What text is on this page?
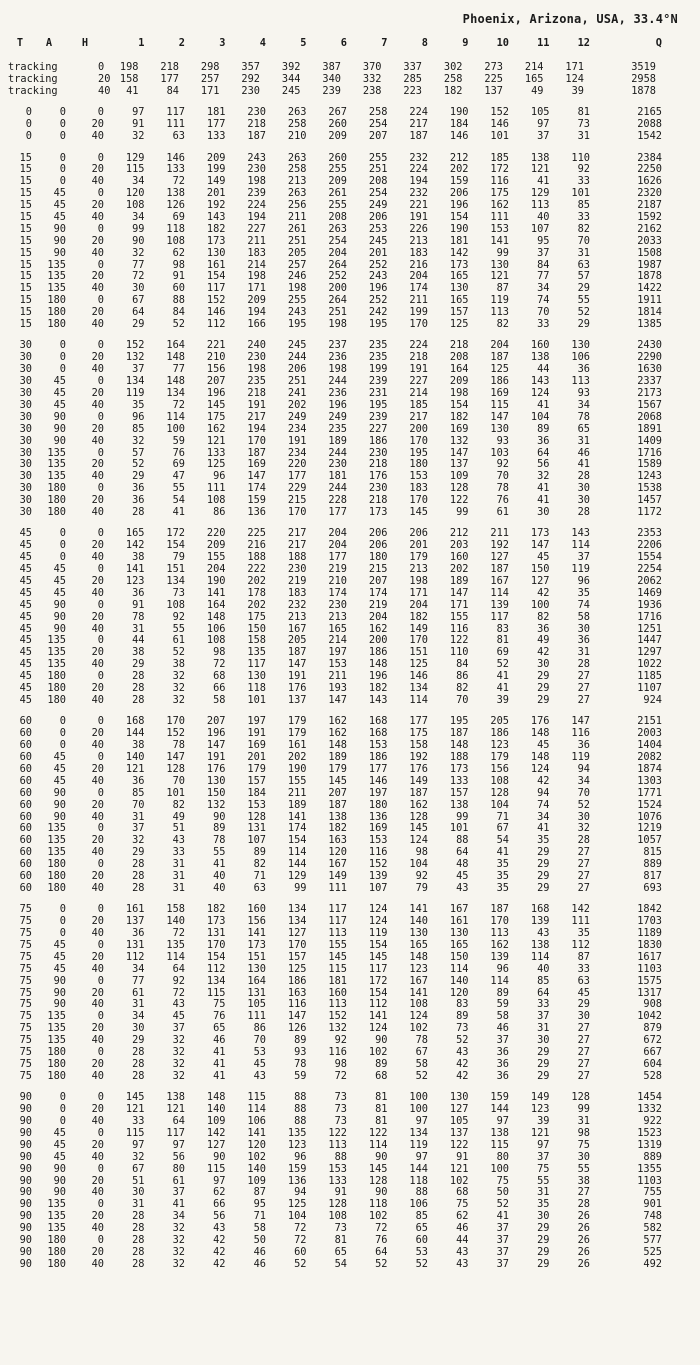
Phoenix, Arizona, USA, 33.4°N
T	A	H	1	2	3	4	5	6	7	8	9	10	11	12	Q
tracking	0	198	218	298	357	392	387	370	337	302	273	214	171	3519
tracking	20 158	177	257	292	344	340	332	285	258	225	165	124	2958
tracking	40	41	84	171	230	245	239	238	223	182	137	49	39	1878
0	0	0	97	117	181	230	263	267	258	224	190	152	105	81	2165
0	0	20	91	111	177	218	258	260	254	217	184	146	97	73	2088
0	0	40	32	63	133	187	210	209	207	187	146	101	37	31	1542
15	0	0	129	146	209	243	263	260	255	232	212	185	138	110	2384
15	0	20	115	133	199	230	258	255	251	224	202	172	121	92	2250
15	0	40	34	72	149	198	213	209	208	194	159	116	41	33	1626
15	45	0	120	138	201	239	263	261	254	232	206	175	129	101	2320
15	45	20	108	126	192	224	256	255	249	221	196	162	113	85	2187
15	45	40	34	69	143	194	211	208	206	191	154	111	40	33	1592
15	90	0	99	118	182	227	261	263	253	226	190	153	107	82	2162
15	90	20	90	108	173	211	251	254	245	213	181	141	95	70	2033
15	90	40	32	62	130	183	205	204	201	183	142	99	37	31	1508
15	135	0	77	98	161	214	257	264	252	216	173	130	84	63	1987
15	135	20	72	91	154	198	246	252	243	204	165	121	77	57	1878
15	135	40	30	60	117	171	198	200	196	174	130	87	34	29	1422
15	180	0	67	88	152	209	255	264	252	211	165	119	74	55	1911
15	180	20	64	84	146	194	243	251	242	199	157	113	70	52	1814
15	180	40	29	52	112	166	195	198	195	170	125	82	33	29	1385
30	0	0	152	164	221	240	245	237	235	224	218	204	160	130	2430
30	0	20	132	148	210	230	244	236	235	218	208	187	138	106	2290
30	0	40	37	77	156	198	206	198	199	191	164	125	44	36	1630
30	45	0	134	148	207	235	251	244	239	227	209	186	143	113	2337
30	45	20	119	134	196	218	241	236	231	214	198	169	124	93	2173
30	45	40	35	72	145	191	202	196	195	185	154	115	41	34	1567
30	90	0	96	114	175	217	249	249	239	217	182	147	104	78	2068
30	90	20	85	100	162	194	234	235	227	200	169	130	89	65	1891
30	90	40	32	59	121	170	191	189	186	170	132	93	36	31	1409
30	135	0	57	76	133	187	234	244	230	195	147	103	64	46	1716
30	135	20	52	69	125	169	220	230	218	180	137	92	56	41	1589
30	135	40	29	47	96	147	177	181	176	153	109	70	32	28	1243
30	180	0	36	55	111	174	229	244	230	183	128	78	41	30	1538
30	180	20	36	54	108	159	215	228	218	170	122	76	41	30	1457
30	180	40	28	41	86	136	170	177	173	145	99	61	30	28	1172
45	0	0	165	172	220	225	217	204	206	206	212	211	173	143	2353
45	0	20	142	154	209	216	217	204	206	201	203	192	147	114	2206
45	0	40	38	79	155	188	188	177	180	179	160	127	45	37	1554
45	45	0	141	151	204	222	230	219	215	213	202	187	150	119	2254
45	45	20	123	134	190	202	219	210	207	198	189	167	127	96	2062
45	45	40	36	73	141	178	183	174	174	171	147	114	42	35	1469
45	90	0	91	108	164	202	232	230	219	204	171	139	100	74	1936
45	90	20	78	92	148	175	213	213	204	182	155	117	82	58	1716
45	90	40	31	55	106	150	167	165	162	149	116	83	36	30	1251
45	135	0	44	61	108	158	205	214	200	170	122	81	49	36	1447
45	135	20	38	52	98	135	187	197	186	151	110	69	42	31	1297
45	135	40	29	38	72	117	147	153	148	125	84	52	30	28	1022
45	180	0	28	32	68	130	191	211	196	146	86	41	29	27	1185
45	180	20	28	32	66	118	176	193	182	134	82	41	29	27	1107
45	180	40	28	32	58	101	137	147	143	114	70	39	29	27	924
60	0	0	168	170	207	197	179	162	168	177	195	205	176	147	2151
60	0	20	144	152	196	191	179	162	168	175	187	186	148	116	2003
60	0	40	38	78	147	169	161	148	153	158	148	123	45	36	1404
60	45	0	140	147	191	201	202	189	186	192	188	179	148	119	2082
60	45	20	121	128	176	179	190	179	177	176	173	156	124	94	1874
60	45	40	36	70	130	157	155	145	146	149	133	108	42	34	1303
60	90	0	85	101	150	184	211	207	197	187	157	128	94	70	1771
60	90	20	70	82	132	153	189	187	180	162	138	104	74	52	1524
60	90	40	31	49	90	128	141	138	136	128	99	71	34	30	1076
60	135	0	37	51	89	131	174	182	169	145	101	67	41	32	1219
60	135	20	32	43	78	107	154	163	153	124	88	54	35	28	1057
60	135	40	29	33	55	89	114	120	116	98	64	41	29	27	815
60	180	0	28	31	41	82	144	167	152	104	48	35	29	27	889
60	180	20	28	31	40	71	129	149	139	92	45	35	29	27	817
60	180	40	28	31	40	63	99	111	107	79	43	35	29	27	693
75	0	0	161	158	182	160	134	117	124	141	167	187	168	142	1842
75	0	20	137	140	173	156	134	117	124	140	161	170	139	111	1703
75	0	40	36	72	131	141	127	113	119	130	130	113	43	35	1189
75	45	0	131	135	170	173	170	155	154	165	165	162	138	112	1830
75	45	20	112	114	154	151	157	145	145	148	150	139	114	87	1617
75	45	40	34	64	112	130	125	115	117	123	114	96	40	33	1103
75	90	0	77	92	134	164	186	181	172	167	140	114	85	63	1575
75	90	20	61	72	115	131	163	160	154	141	120	89	64	45	1317
75	90	40	31	43	75	105	116	113	112	108	83	59	33	29	908
75	135	0	34	45	76	111	147	152	141	124	89	58	37	30	1042
75	135	20	30	37	65	86	126	132	124	102	73	46	31	27	879
75	135	40	29	32	46	70	89	92	90	78	52	37	30	27	672
75	180	0	28	32	41	53	93	116	102	67	43	36	29	27	667
75	180	20	28	32	41	45	78	98	89	58	42	36	29	27	604
75	180	40	28	32	41	43	59	72	68	52	42	36	29	27	528
90	0	0	145	138	148	115	88	73	81	100	130	159	149	128	1454
90	0	20	121	121	140	114	88	73	81	100	127	144	123	99	1332
90	0	40	33	64	109	106	88	73	81	97	105	97	39	31	922
90	45	0	115	117	142	141	135	122	122	134	137	138	121	98	1523
90	45	20	97	97	127	120	123	113	114	119	122	115	97	75	1319
90	45	40	32	56	90	102	96	88	90	97	91	80	37	30	889
90	90	0	67	80	115	140	159	153	145	144	121	100	75	55	1355
90	90	20	51	61	97	109	136	133	128	118	102	75	55	38	1103
90	90	40	30	37	62	87	94	91	90	88	68	50	31	27	755
90	135	0	31	41	66	95	125	128	118	106	75	52	35	28	901
90	135	20	28	34	56	71	104	108	102	85	62	41	30	26	748
90	135	40	28	32	43	58	72	73	72	65	46	37	29	26	582
90	180	0	28	32	42	50	72	81	76	60	44	37	29	26	577
90	180	20	28	32	42	46	60	65	64	53	43	37	29	26	525
90	180	40	28	32	42	46	52	54	52	52	43	37	29	26	492
